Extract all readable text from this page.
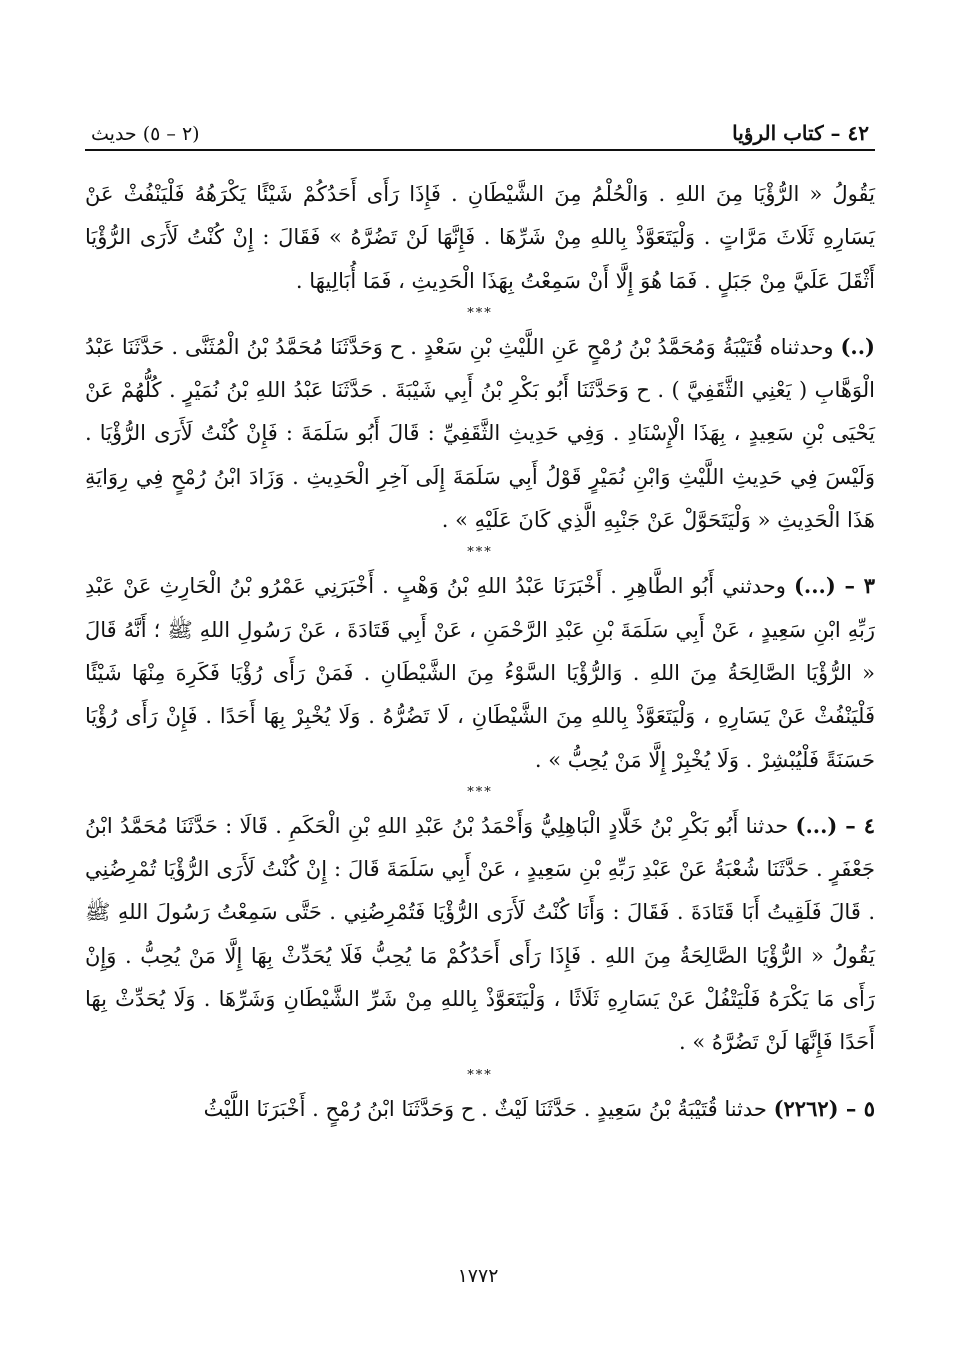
٤٢ – كتاب الرؤيا
(٢ – ٥) حديث

يَقُولُ « الرُّؤْيَا مِنَ اللهِ . وَالْحُلْمُ مِنَ الشَّيْطَانِ . فَإِذَا رَأَى أَحَدُكُمْ شَيْئًا يَكْرَهُهُ فَلْيَنْفُثْ عَنْ يَسَارِهِ ثَلَاثَ مَرَّاتٍ . وَلْيَتَعَوَّذْ بِاللهِ مِنْ شَرِّهَا . فَإِنَّهَا لَنْ تَضُرَّهُ » فَقَالَ : إِنْ كُنْتُ لَأَرَى الرُّؤْيَا أَثْقَلَ عَلَيَّ مِنْ جَبَلٍ . فَمَا هُوَ إِلَّا أَنْ سَمِعْتُ بِهَذَا الْحَدِيثِ ، فَمَا أُبَالِيهَا .

***

(..) وحدثناه قُتَيْبَةُ وَمُحَمَّدُ بْنُ رُمْحٍ عَنِ اللَّيْثِ بْنِ سَعْدٍ . ح وَحَدَّثَنَا مُحَمَّدُ بْنُ الْمُثَنَّى . حَدَّثَنَا عَبْدُ الْوَهَّابِ ( يَعْنِي الثَّقَفِيَّ ) . ح وَحَدَّثَنَا أَبُو بَكْرِ بْنُ أَبِي شَيْبَةَ . حَدَّثَنَا عَبْدُ اللهِ بْنُ نُمَيْرٍ . كُلُّهُمْ عَنْ يَحْيَى بْنِ سَعِيدٍ ، بِهَذَا الْإِسْنَادِ . وَفِي حَدِيثِ الثَّقَفِيِّ : قَالَ أَبُو سَلَمَةَ : فَإِنْ كُنْتُ لَأَرَى الرُّؤْيَا . وَلَيْسَ فِي حَدِيثِ اللَّيْثِ وَابْنِ نُمَيْرٍ قَوْلُ أَبِي سَلَمَةَ إِلَى آخِرِ الْحَدِيثِ . وَزَادَ ابْنُ رُمْحٍ فِي رِوَايَةِ هَذَا الْحَدِيثِ « وَلْيَتَحَوَّلْ عَنْ جَنْبِهِ الَّذِي كَانَ عَلَيْهِ » .

***

٣ – (...) وحدثني أَبُو الطَّاهِرِ . أَخْبَرَنَا عَبْدُ اللهِ بْنُ وَهْبٍ . أَخْبَرَنِي عَمْرُو بْنُ الْحَارِثِ عَنْ عَبْدِ رَبِّهِ ابْنِ سَعِيدٍ ، عَنْ أَبِي سَلَمَةَ بْنِ عَبْدِ الرَّحْمَنِ ، عَنْ أَبِي قَتَادَةَ ، عَنْ رَسُولِ اللهِ ﷺ ؛ أَنَّهُ قَالَ « الرُّؤْيَا الصَّالِحَةُ مِنَ اللهِ . وَالرُّؤْيَا السَّوْءُ مِنَ الشَّيْطَانِ . فَمَنْ رَأَى رُؤْيَا فَكَرِهَ مِنْهَا شَيْئًا فَلْيَنْفُثْ عَنْ يَسَارِهِ ، وَلْيَتَعَوَّذْ بِاللهِ مِنَ الشَّيْطَانِ ، لَا تَضُرُّهُ . وَلَا يُخْبِرْ بِهَا أَحَدًا . فَإِنْ رَأَى رُؤْيَا حَسَنَةً فَلْيُبْشِرْ . وَلَا يُخْبِرْ إِلَّا مَنْ يُحِبُّ » .

***

٤ – (...) حدثنا أَبُو بَكْرِ بْنُ خَلَّادٍ الْبَاهِلِيُّ وَأَحْمَدُ بْنُ عَبْدِ اللهِ بْنِ الْحَكَمِ . قَالَا : حَدَّثَنَا مُحَمَّدُ ابْنُ جَعْفَرٍ . حَدَّثَنَا شُعْبَةُ عَنْ عَبْدِ رَبِّهِ بْنِ سَعِيدٍ ، عَنْ أَبِي سَلَمَةَ قَالَ : إِنْ كُنْتُ لَأَرَى الرُّؤْيَا تُمْرِضُنِي . قَالَ فَلَقِيتُ أَبَا قَتَادَةَ . فَقَالَ : وَأَنَا كُنْتُ لَأَرَى الرُّؤْيَا فَتُمْرِضُنِي . حَتَّى سَمِعْتُ رَسُولَ اللهِ ﷺ يَقُولُ « الرُّؤْيَا الصَّالِحَةُ مِنَ اللهِ . فَإِذَا رَأَى أَحَدُكُمْ مَا يُحِبُّ فَلَا يُحَدِّثْ بِهَا إِلَّا مَنْ يُحِبُّ . وَإِنْ رَأَى مَا يَكْرَهُ فَلْيَتْفُلْ عَنْ يَسَارِهِ ثَلَاثًا ، وَلْيَتَعَوَّذْ بِاللهِ مِنْ شَرِّ الشَّيْطَانِ وَشَرِّهَا . وَلَا يُحَدِّثْ بِهَا أَحَدًا فَإِنَّهَا لَنْ تَضُرَّهُ » .

***

٥ – (٢٢٦٢) حدثنا قُتَيْبَةُ بْنُ سَعِيدٍ . حَدَّثَنَا لَيْثٌ . ح وَحَدَّثَنَا ابْنُ رُمْحٍ . أَخْبَرَنَا اللَّيْثُ

١٧٧٢
